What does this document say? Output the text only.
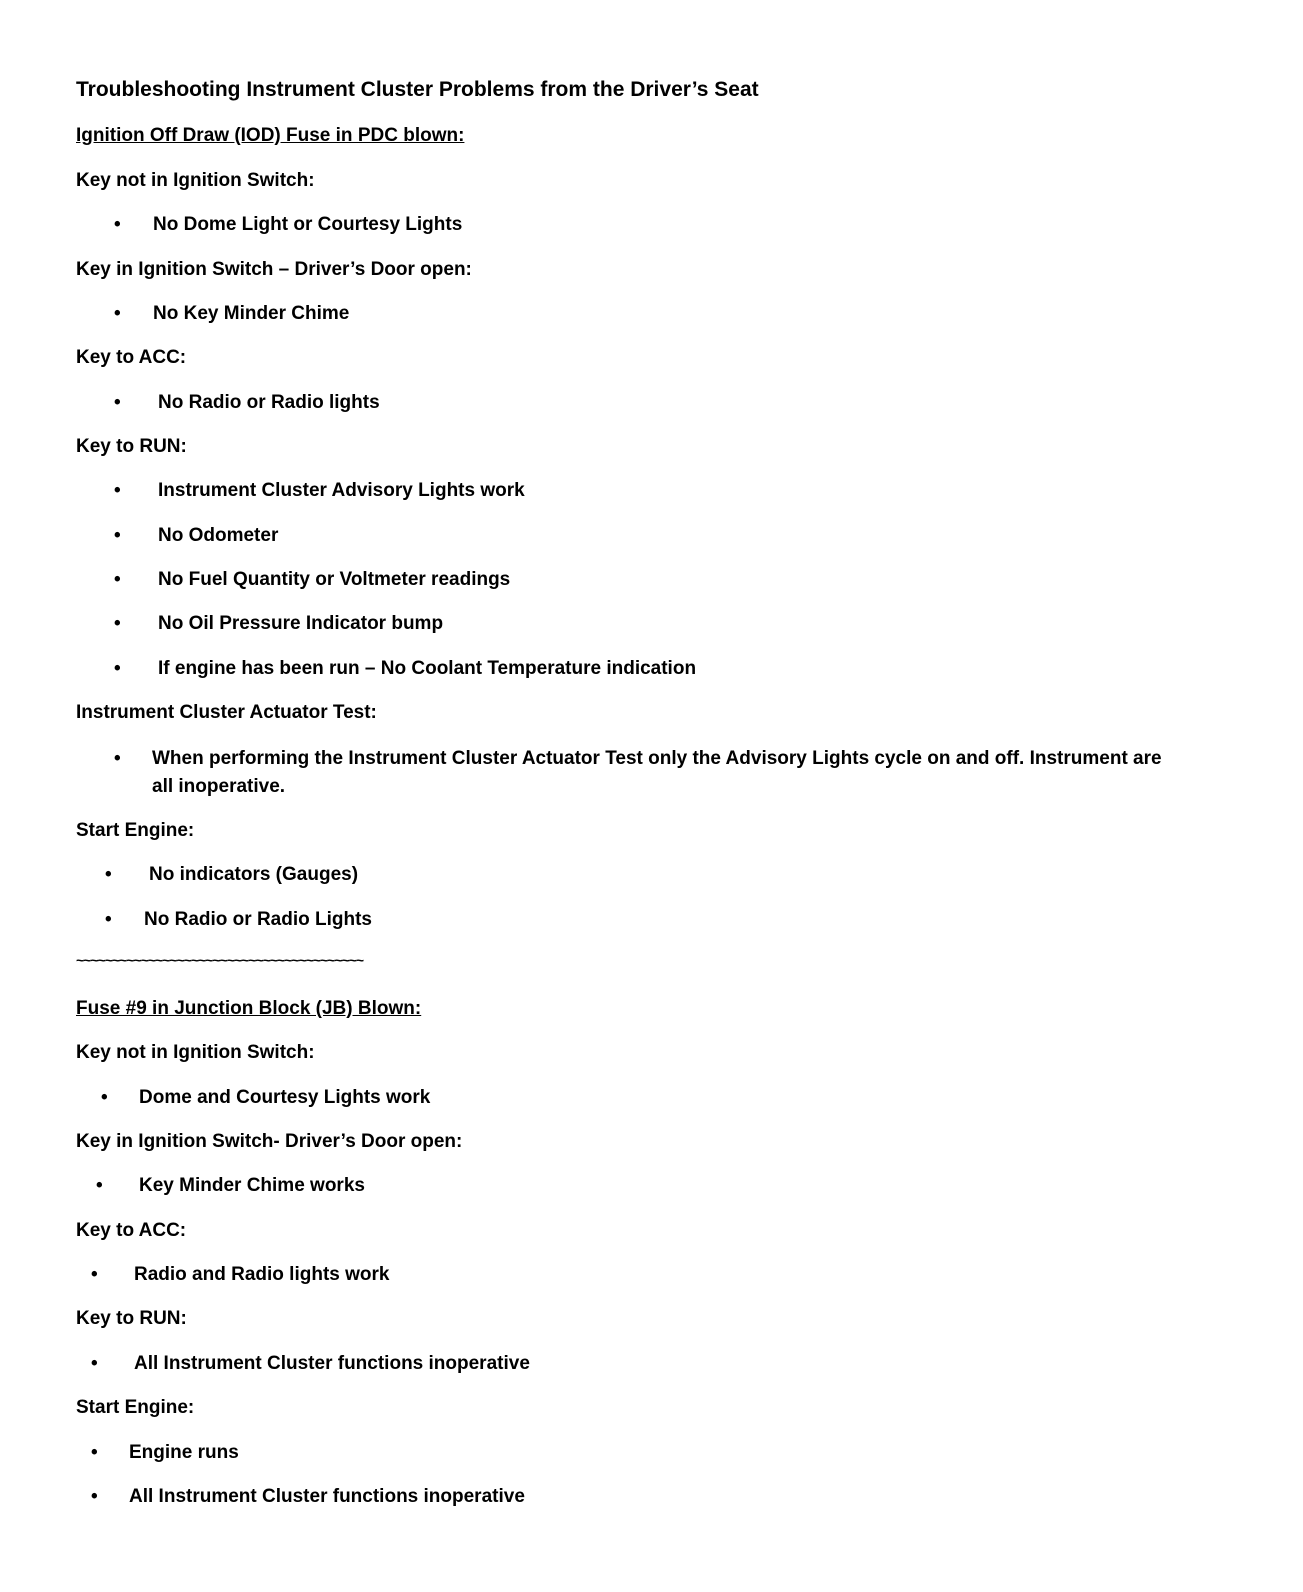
Troubleshooting Instrument Cluster Problems from the Driver’s Seat
Ignition Off Draw (IOD) Fuse in PDC blown:
Key not in Ignition Switch:
• No Dome Light or Courtesy Lights
Key in Ignition Switch – Driver’s Door open:
• No Key Minder Chime
Key to ACC:
• No Radio or Radio lights
Key to RUN:
• Instrument Cluster Advisory Lights work
• No Odometer
• No Fuel Quantity or Voltmeter readings
• No Oil Pressure Indicator bump
• If engine has been run – No Coolant Temperature indication
Instrument Cluster Actuator Test:
• When performing the Instrument Cluster Actuator Test only the Advisory Lights cycle on and off. Instrument are all inoperative.
Start Engine:
• No indicators (Gauges)
• No Radio or Radio Lights
~~~~~~~~~~~~~~~~~~~~~~~~~~~~~~~~~~~~~~~~
Fuse #9 in Junction Block (JB) Blown:
Key not in Ignition Switch:
• Dome and Courtesy Lights work
Key in Ignition Switch- Driver’s Door open:
• Key Minder Chime works
Key to ACC:
• Radio and Radio lights work
Key to RUN:
• All Instrument Cluster functions inoperative
Start Engine:
• Engine runs
• All Instrument Cluster functions inoperative
